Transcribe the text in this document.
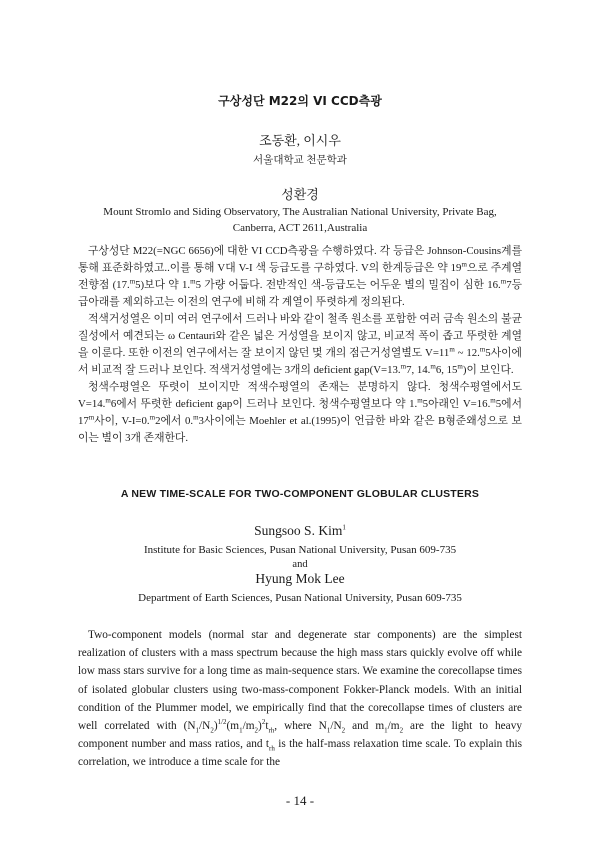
구상성단 M22의 VI CCD측광
조동환, 이시우
서울대학교 천문학과
성환경
Mount Stromlo and Siding Observatory, The Australian National University, Private Bag,
Canberra, ACT 2611,Australia

구상성단 M22(=NGC 6656)에 대한 VI CCD측광을 수행하였다. 각 등급은 Johnson-Cousins계를 통해 표준화하였고..이를 통해 V대 V-I 색 등급도를 구하였다. V의 한계등급은 약 19$^m$으로 주계열전향점 (17.$^m$5)보다 약 1.$^m$5 가량 어둡다. 전반적인 색-등급도는 어두운 별의 밀집이 심한 16.$^m$7등급아래를 제외하고는 이전의 연구에 비해 각 계열이 뚜렷하게 정의된다.

적색거성열은 이미 여러 연구에서 드러나 바와 같이 철족 원소를 포함한 여러 금속 원소의 불균질성에서 예견되는 ω Centauri와 같은 넓은 거성열을 보이지 않고, 비교적 폭이 좁고 뚜렷한 계열을 이룬다. 또한 이전의 연구에서는 잘 보이지 않던 몇 개의 점근거성열별도 $V=11^m$ ~ 12.$^m$5사이에서 비교적 잘 드러나 보인다. 적색거성열에는 3개의 deficient gap(V=13.$^m$7, 14.$^m$6, 15$^m$)이 보인다.

청색수평열은 뚜렷이 보이지만 적색수평열의 존재는 분명하지 않다. 청색수평열에서도 V=14.$^m$6에서 뚜렷한 deficient gap이 드러나 보인다. 청색수평열보다 약 1.$^m$5아래인 V=16.$^m$5에서 17$^m$사이, V-I=0.$^m$2에서 0.$^m$3사이에는 Moehler et al.(1995)이 언급한 바와 같은 B형준왜성으로 보이는 별이 3개 존재한다.

A NEW TIME-SCALE FOR TWO-COMPONENT GLOBULAR CLUSTERS
Sungsoo S. Kim$^1$
Institute for Basic Sciences, Pusan National University, Pusan 609-735
and
Hyung Mok Lee
Department of Earth Sciences, Pusan National University, Pusan 609-735

Two-component models (normal star and degenerate star components) are the simplest realization of clusters with a mass spectrum because the high mass stars quickly evolve off while low mass stars survive for a long time as main-sequence stars. We examine the corecollapse times of isolated globular clusters using two-mass-component Fokker-Planck models. With an initial condition of the Plummer model, we empirically find that the corecollapse times of clusters are well correlated with $(N_1/N_2)^{1/2}(m_1/m_2)^2t_{rh}$, where $N_1/N_2$ and $m_1/m_2$ are the light to heavy component number and mass ratios, and $t_{rh}$ is the half-mass relaxation time scale. To explain this correlation, we introduce a time scale for the

- 14 -
